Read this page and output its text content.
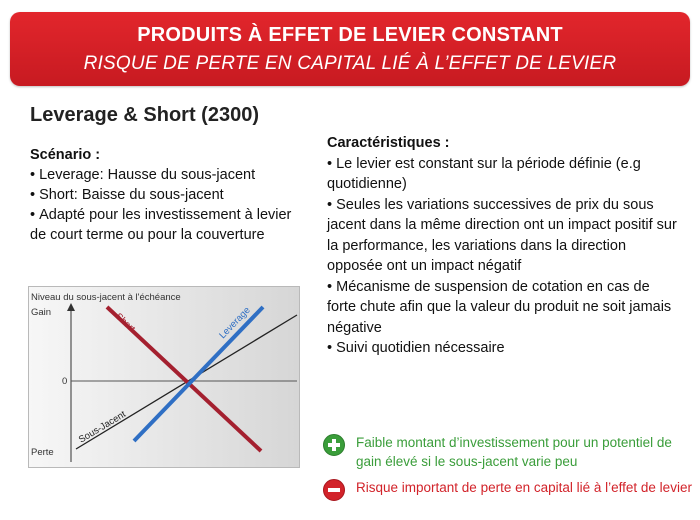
PRODUITS À EFFET DE LEVIER CONSTANT
RISQUE DE PERTE EN CAPITAL LIÉ À L’EFFET DE LEVIER
Leverage & Short (2300)
Scénario :
• Leverage: Hausse du sous-jacent
• Short: Baisse du sous-jacent
• Adapté pour les investissement à levier de court terme ou pour la couverture
Caractéristiques :
• Le levier est constant sur la période définie (e.g quotidienne)
• Seules les variations successives de prix du sous jacent dans la même direction ont un impact positif sur la performance, les variations dans la direction opposée ont un impact négatif
• Mécanisme de suspension de cotation en cas de forte chute afin que la valeur du produit ne soit jamais négative
• Suivi quotidien nécessaire
Niveau du sous-jacent à l'échéance
Gain
0
Perte
Short	Leverage
Sous-Jacent	Faible montant d’investissement pour un potentiel de gain élevé si le sous-jacent varie peu
Risque important de perte en capital lié à l’effet de levier
